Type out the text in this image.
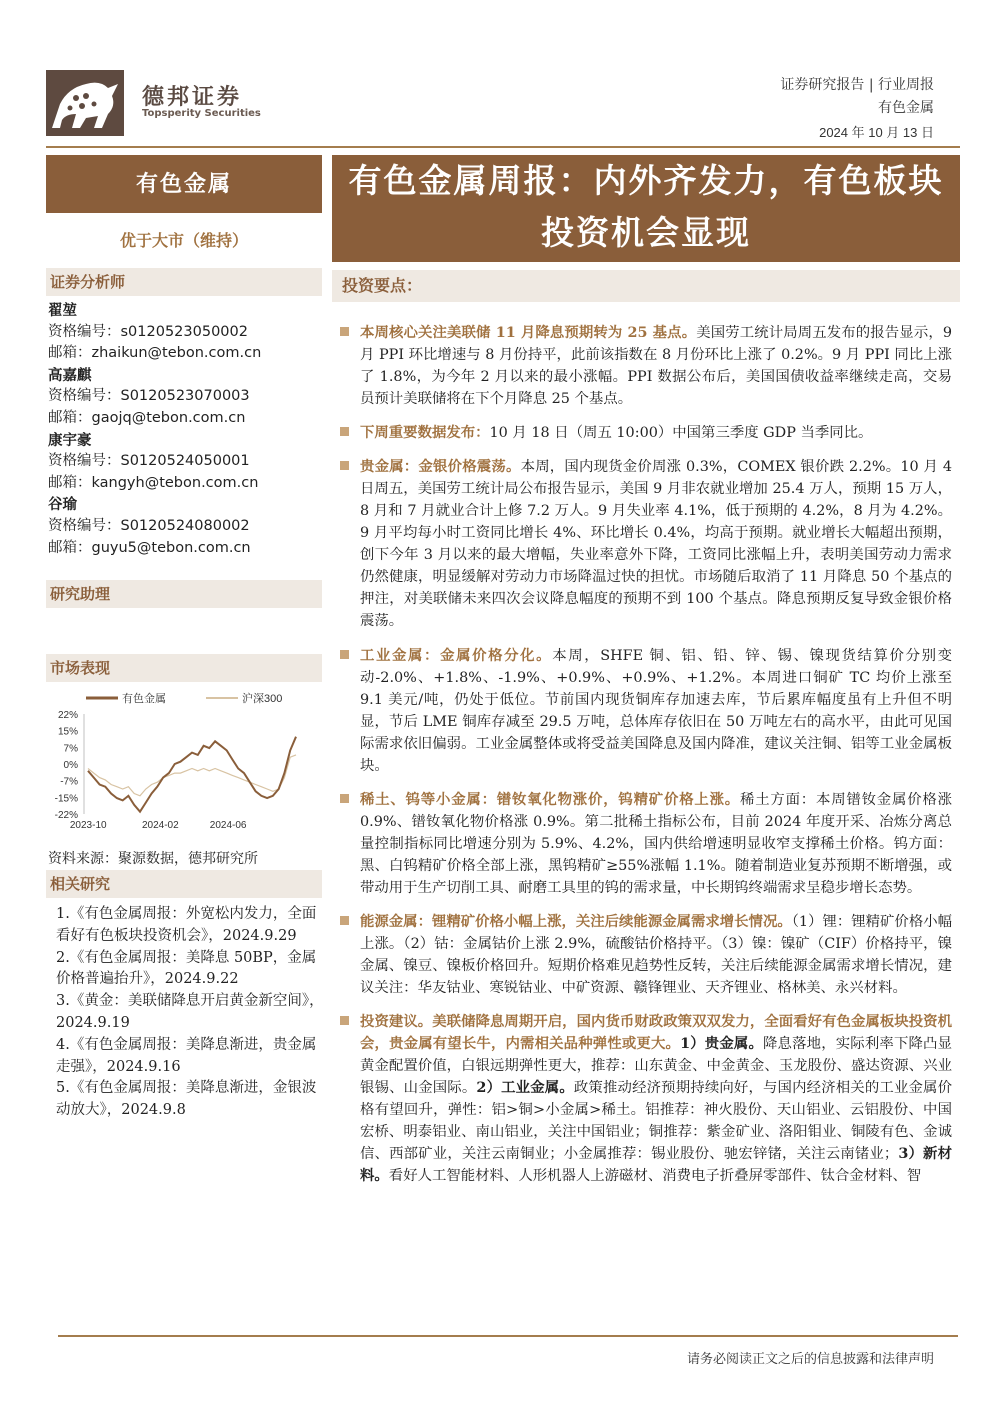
德邦证券
Topsperity Securities
证券研究报告 | 行业周报
有色金属
2024 年 10 月 13 日
有色金属
优于大市（维持）
证券分析师
翟堃
资格编号：s0120523050002
邮箱：zhaikun@tebon.com.cn
高嘉麒
资格编号：S0120523070003
邮箱：gaojq@tebon.com.cn
康宇豪
资格编号：S0120524050001
邮箱：kangyh@tebon.com.cn
谷瑜
资格编号：S0120524080002
邮箱：guyu5@tebon.com.cn
研究助理
市场表现
有色金属	沪深300
22%
15%
7%
0%
-7%
-15%
-22%
2023-10	2024-02	2024-06
资料来源：聚源数据，德邦研究所
相关研究
1.《有色金属周报：外宽松内发力，全面看好有色板块投资机会》，2024.9.29
2.《有色金属周报：美降息 50BP，金属价格普遍抬升》，2024.9.22
3.《黄金：美联储降息开启黄金新空间》，2024.9.19
4.《有色金属周报：美降息渐进，贵金属走强》，2024.9.16
5.《有色金属周报：美降息渐进，金银波动放大》，2024.9.8
有色金属周报：内外齐发力，有色板块投资机会显现
投资要点：
本周核心关注美联储 11 月降息预期转为 25 基点。美国劳工统计局周五发布的报告显示，9 月 PPI 环比增速与 8 月份持平，此前该指数在 8 月份环比上涨了 0.2%。9 月 PPI 同比上涨了 1.8%，为今年 2 月以来的最小涨幅。PPI 数据公布后，美国国债收益率继续走高，交易员预计美联储将在下个月降息 25 个基点。
下周重要数据发布：10 月 18 日（周五 10:00）中国第三季度 GDP 当季同比。
贵金属：金银价格震荡。本周，国内现货金价周涨 0.3%，COMEX 银价跌 2.2%。10 月 4 日周五，美国劳工统计局公布报告显示，美国 9 月非农就业增加 25.4 万人，预期 15 万人，8 月和 7 月就业合计上修 7.2 万人。9 月失业率 4.1%，低于预期的 4.2%，8 月为 4.2%。9 月平均每小时工资同比增长 4%、环比增长 0.4%，均高于预期。就业增长大幅超出预期，创下今年 3 月以来的最大增幅，失业率意外下降，工资同比涨幅上升，表明美国劳动力需求仍然健康，明显缓解对劳动力市场降温过快的担忧。市场随后取消了 11 月降息 50 个基点的押注，对美联储未来四次会议降息幅度的预期不到 100 个基点。降息预期反复导致金银价格震荡。
工业金属：金属价格分化。本周，SHFE 铜、铝、铅、锌、锡、镍现货结算价分别变动-2.0%、+1.8%、-1.9%、+0.9%、+0.9%、+1.2%。本周进口铜矿 TC 均价上涨至 9.1 美元/吨，仍处于低位。节前国内现货铜库存加速去库，节后累库幅度虽有上升但不明显，节后 LME 铜库存减至 29.5 万吨，总体库存依旧在 50 万吨左右的高水平，由此可见国际需求依旧偏弱。工业金属整体或将受益美国降息及国内降准，建议关注铜、铝等工业金属板块。
稀土、钨等小金属：镨钕氧化物涨价，钨精矿价格上涨。稀土方面：本周镨钕金属价格涨 0.9%、镨钕氧化物价格涨 0.9%。第二批稀土指标公布，目前 2024 年度开采、冶炼分离总量控制指标同比增速分别为 5.9%、4.2%，国内供给增速明显收窄支撑稀土价格。钨方面：黑、白钨精矿价格全部上涨，黑钨精矿≥55%涨幅 1.1%。随着制造业复苏预期不断增强，或带动用于生产切削工具、耐磨工具里的钨的需求量，中长期钨终端需求呈稳步增长态势。
能源金属：锂精矿价格小幅上涨，关注后续能源金属需求增长情况。（1）锂：锂精矿价格小幅上涨。（2）钴：金属钴价上涨 2.9%，硫酸钴价格持平。（3）镍：镍矿（CIF）价格持平，镍金属、镍豆、镍板价格回升。短期价格难见趋势性反转，关注后续能源金属需求增长情况，建议关注：华友钴业、寒锐钴业、中矿资源、赣锋锂业、天齐锂业、格林美、永兴材料。
投资建议。美联储降息周期开启，国内货币财政政策双双发力，全面看好有色金属板块投资机会，贵金属有望长牛，内需相关品种弹性或更大。1）贵金属。降息落地，实际利率下降凸显黄金配置价值，白银远期弹性更大，推荐：山东黄金、中金黄金、玉龙股份、盛达资源、兴业银锡、山金国际。2）工业金属。政策推动经济预期持续向好，与国内经济相关的工业金属价格有望回升，弹性：铝>铜>小金属>稀土。铝推荐：神火股份、天山铝业、云铝股份、中国宏桥、明泰铝业、南山铝业，关注中国铝业；铜推荐：紫金矿业、洛阳钼业、铜陵有色、金诚信、西部矿业，关注云南铜业；小金属推荐：锡业股份、驰宏锌锗，关注云南锗业；3）新材料。看好人工智能材料、人形机器人上游磁材、消费电子折叠屏零部件、钛合金材料、智
请务必阅读正文之后的信息披露和法律声明
